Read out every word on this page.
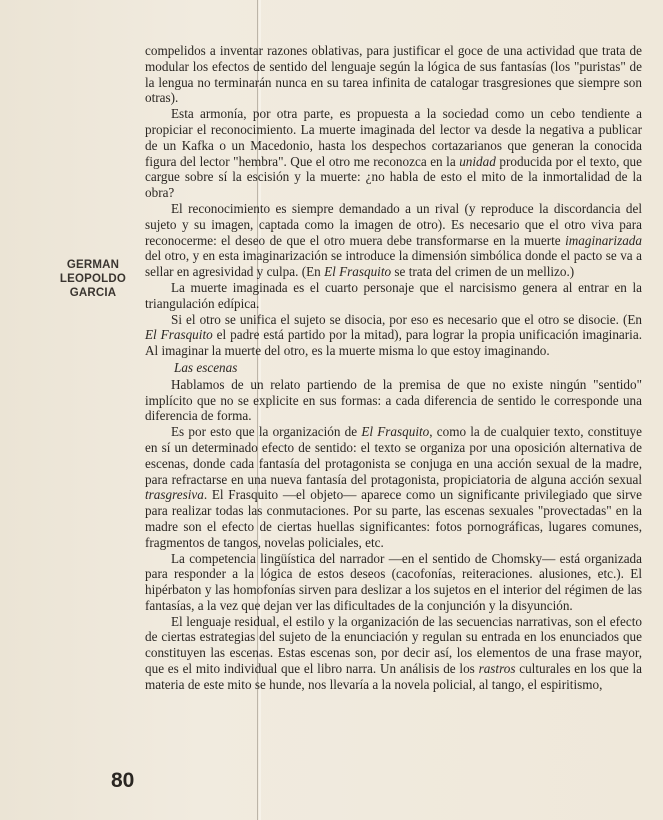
GERMAN
LEOPOLDO
GARCIA
80

compelidos a inventar razones oblativas, para justificar el goce de una actividad que trata de modular los efectos de sentido del lenguaje según la lógica de sus fantasías (los "puristas" de la lengua no terminarán nunca en su tarea infinita de catalogar trasgresiones que siempre son otras).

Esta armonía, por otra parte, es propuesta a la sociedad como un cebo tendiente a propiciar el reconocimiento. La muerte imaginada del lector va desde la negativa a publicar de un Kafka o un Macedonio, hasta los despechos cortazarianos que generan la conocida figura del lector "hembra". Que el otro me reconozca en la unidad producida por el texto, que cargue sobre sí la escisión y la muerte: ¿no habla de esto el mito de la inmortalidad de la obra?

El reconocimiento es siempre demandado a un rival (y reproduce la discordancia del sujeto y su imagen, captada como la imagen de otro). Es necesario que el otro viva para reconocerme: el deseo de que el otro muera debe transformarse en la muerte imaginarizada del otro, y en esta imaginarización se introduce la dimensión simbólica donde el pacto se va a sellar en agresividad y culpa. (En El Frasquito se trata del crimen de un mellizo.)

La muerte imaginada es el cuarto personaje que el narcisismo genera al entrar en la triangulación edípica.

Si el otro se unifica el sujeto se disocia, por eso es necesario que el otro se disocie. (En El Frasquito el padre está partido por la mitad), para lograr la propia unificación imaginaria. Al imaginar la muerte del otro, es la muerte misma lo que estoy imaginando.

Las escenas

Hablamos de un relato partiendo de la premisa de que no existe ningún "sentido" implícito que no se explicite en sus formas: a cada diferencia de sentido le corresponde una diferencia de forma.

Es por esto que la organización de El Frasquito, como la de cualquier texto, constituye en sí un determinado efecto de sentido: el texto se organiza por una oposición alternativa de escenas, donde cada fantasía del protagonista se conjuga en una acción sexual de la madre, para refractarse en una nueva fantasía del protagonista, propiciatoria de alguna acción sexual trasgresiva. El Frasquito —el objeto— aparece como un significante privilegiado que sirve para realizar todas las conmutaciones. Por su parte, las escenas sexuales "provectadas" en la madre son el efecto de ciertas huellas significantes: fotos pornográficas, lugares comunes, fragmentos de tangos, novelas policiales, etc.

La competencia lingüística del narrador —en el sentido de Chomsky— está organizada para responder a la lógica de estos deseos (cacofonías, reiteraciones. alusiones, etc.). El hipérbaton y las homofonías sirven para deslizar a los sujetos en el interior del régimen de las fantasías, a la vez que dejan ver las dificultades de la conjunción y la disyunción.

El lenguaje residual, el estilo y la organización de las secuencias narrativas, son el efecto de ciertas estrategias del sujeto de la enunciación y regulan su entrada en los enunciados que constituyen las escenas. Estas escenas son, por decir así, los elementos de una frase mayor, que es el mito individual que el libro narra. Un análisis de los rastros culturales en los que la materia de este mito se hunde, nos llevaría a la novela policial, al tango, el espiritismo,
